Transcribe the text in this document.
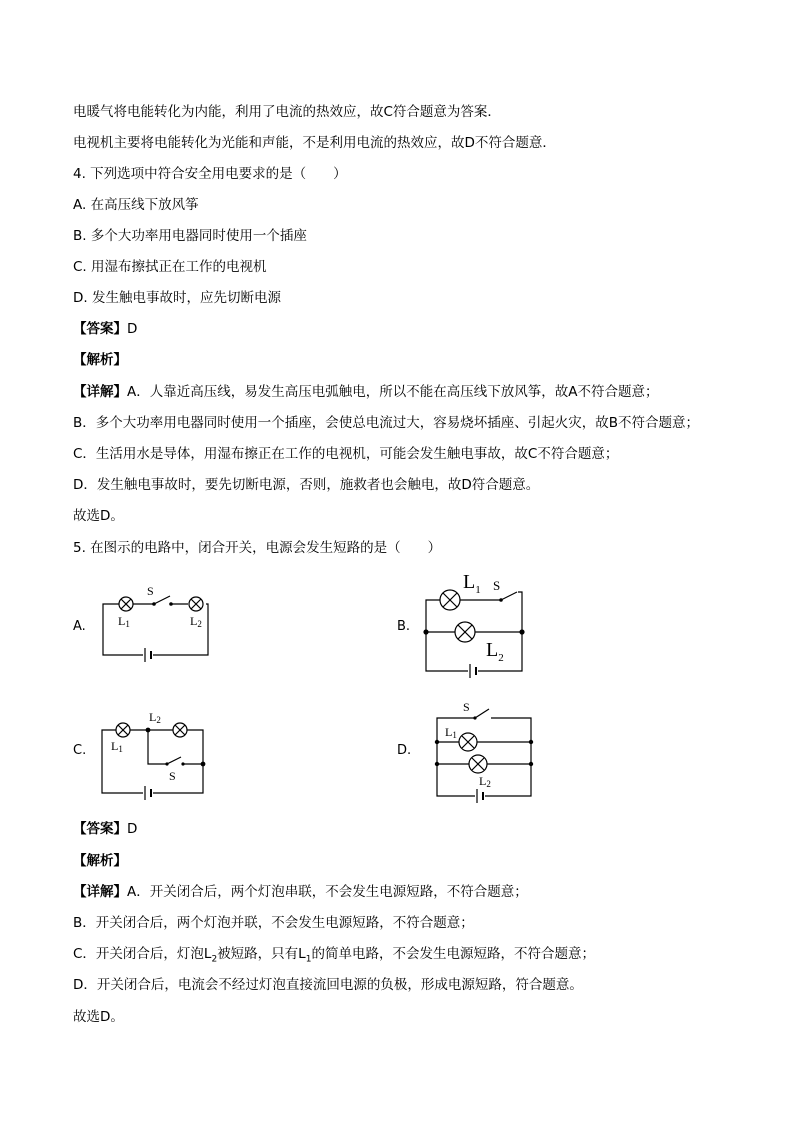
电暖气将电能转化为内能，利用了电流的热效应，故C符合题意为答案．
电视机主要将电能转化为光能和声能，不是利用电流的热效应，故D不符合题意．
4. 下列选项中符合安全用电要求的是（　　）
A. 在高压线下放风筝
B. 多个大功率用电器同时使用一个插座
C. 用湿布擦拭正在工作的电视机
D. 发生触电事故时，应先切断电源
【答案】D
【解析】
【详解】A．人靠近高压线，易发生高压电弧触电，所以不能在高压线下放风筝，故A不符合题意；
B．多个大功率用电器同时使用一个插座，会使总电流过大，容易烧坏插座、引起火灾，故B不符合题意；
C．生活用水是导体，用湿布擦正在工作的电视机，可能会发生触电事故，故C不符合题意；
D．发生触电事故时，要先切断电源，否则，施救者也会触电，故D符合题意。
故选D。
5. 在图示的电路中，闭合开关，电源会发生短路的是（　　）
A.	B.
C.	D.
S
L1	L2
$L_1$ S
$L_2$
L2
L1
S
S
L1
L2
【答案】D
【解析】
【详解】A．开关闭合后，两个灯泡串联，不会发生电源短路，不符合题意；
B．开关闭合后，两个灯泡并联，不会发生电源短路，不符合题意；
C．开关闭合后，灯泡$L_2$被短路，只有$L_1$的简单电路，不会发生电源短路，不符合题意；
D．开关闭合后，电流会不经过灯泡直接流回电源的负极，形成电源短路，符合题意。
故选D。
